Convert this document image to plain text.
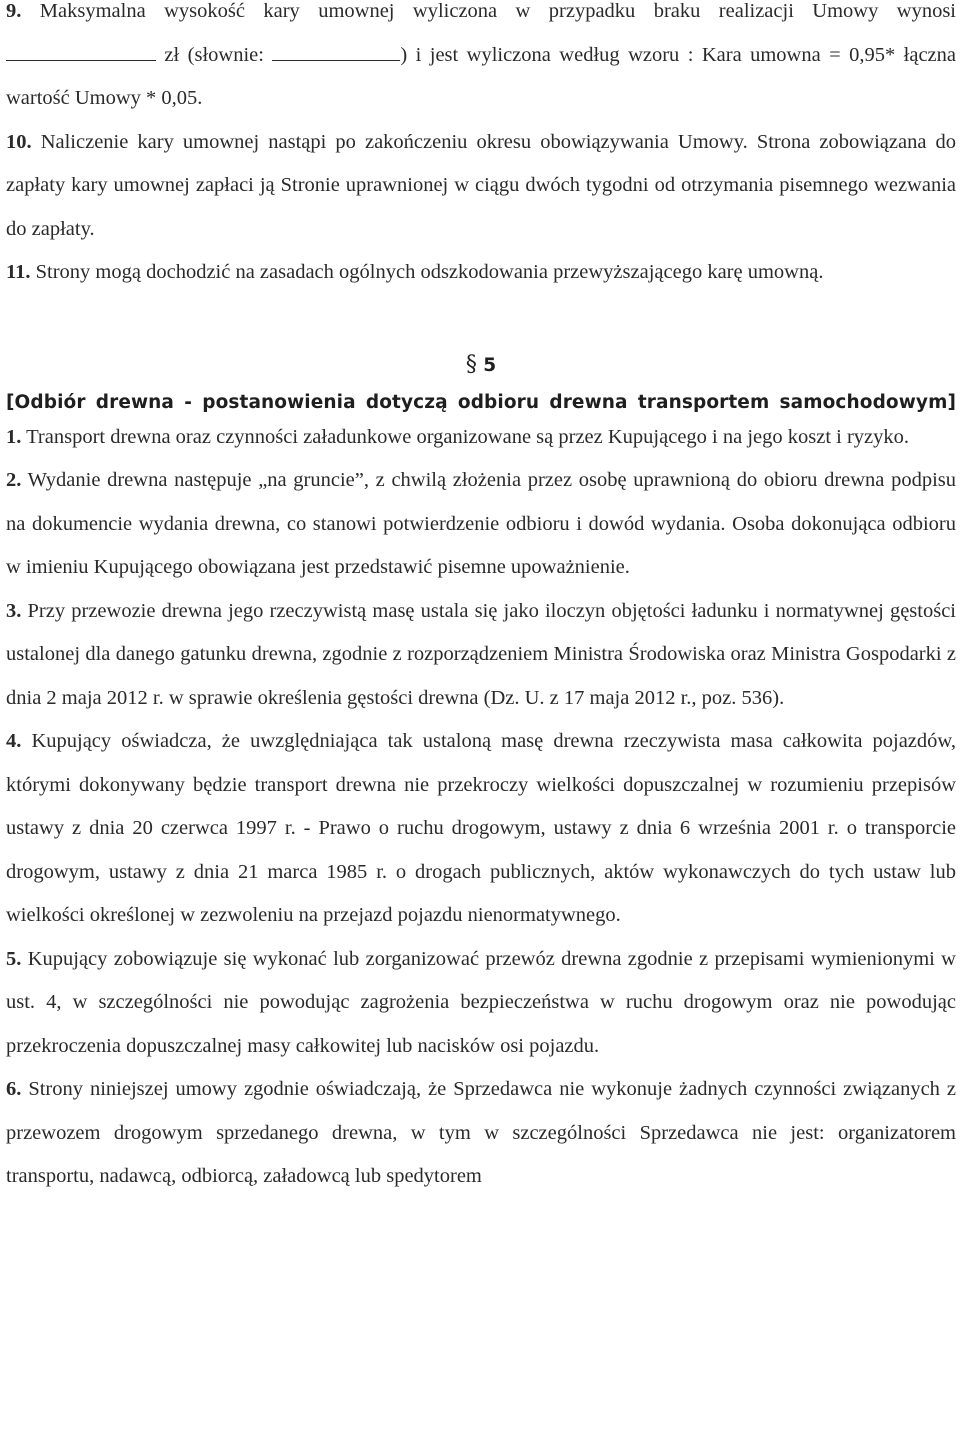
9. Maksymalna wysokość kary umownej wyliczona w przypadku braku realizacji Umowy wynosi  zł (słownie:	) i jest wyliczona według wzoru : Kara umowna = 0,95* łączna wartość Umowy * 0,05.

10. Naliczenie kary umownej nastąpi po zakończeniu okresu obowiązywania Umowy. Strona zobowiązana do zapłaty kary umownej zapłaci ją Stronie uprawnionej w ciągu dwóch tygodni od otrzymania pisemnego wezwania do zapłaty.

11. Strony mogą dochodzić na zasadach ogólnych odszkodowania przewyższającego karę umowną.

§ 5
[Odbiór drewna - postanowienia dotyczą odbioru drewna transportem samochodowym]

1. Transport drewna oraz czynności załadunkowe organizowane są przez Kupującego i na jego koszt i ryzyko.

2. Wydanie drewna następuje „na gruncie”, z chwilą złożenia przez osobę uprawnioną do obioru drewna podpisu na dokumencie wydania drewna, co stanowi potwierdzenie odbioru i dowód wydania. Osoba dokonująca odbioru w imieniu Kupującego obowiązana jest przedstawić pisemne upoważnienie.

3. Przy przewozie drewna jego rzeczywistą masę ustala się jako iloczyn objętości ładunku i normatywnej gęstości ustalonej dla danego gatunku drewna, zgodnie z rozporządzeniem Ministra Środowiska oraz Ministra Gospodarki z dnia 2 maja 2012 r. w sprawie określenia gęstości drewna (Dz. U. z 17 maja 2012 r., poz. 536).

4. Kupujący oświadcza, że uwzględniająca tak ustaloną masę drewna rzeczywista masa całkowita pojazdów, którymi dokonywany będzie transport drewna nie przekroczy wielkości dopuszczalnej w rozumieniu przepisów ustawy z dnia 20 czerwca 1997 r. - Prawo o ruchu drogowym, ustawy z dnia 6 września 2001 r. o transporcie drogowym, ustawy z dnia 21 marca 1985 r. o drogach publicznych, aktów wykonawczych do tych ustaw lub wielkości określonej w zezwoleniu na przejazd pojazdu nienormatywnego.

5. Kupujący zobowiązuje się wykonać lub zorganizować przewóz drewna zgodnie z przepisami wymienionymi w ust. 4, w szczególności nie powodując zagrożenia bezpieczeństwa w ruchu drogowym oraz nie powodując przekroczenia dopuszczalnej masy całkowitej lub nacisków osi pojazdu.

6. Strony niniejszej umowy zgodnie oświadczają, że Sprzedawca nie wykonuje żadnych czynności związanych z przewozem drogowym sprzedanego drewna, w tym w szczególności Sprzedawca nie jest: organizatorem transportu, nadawcą, odbiorcą, załadowcą lub spedytorem
